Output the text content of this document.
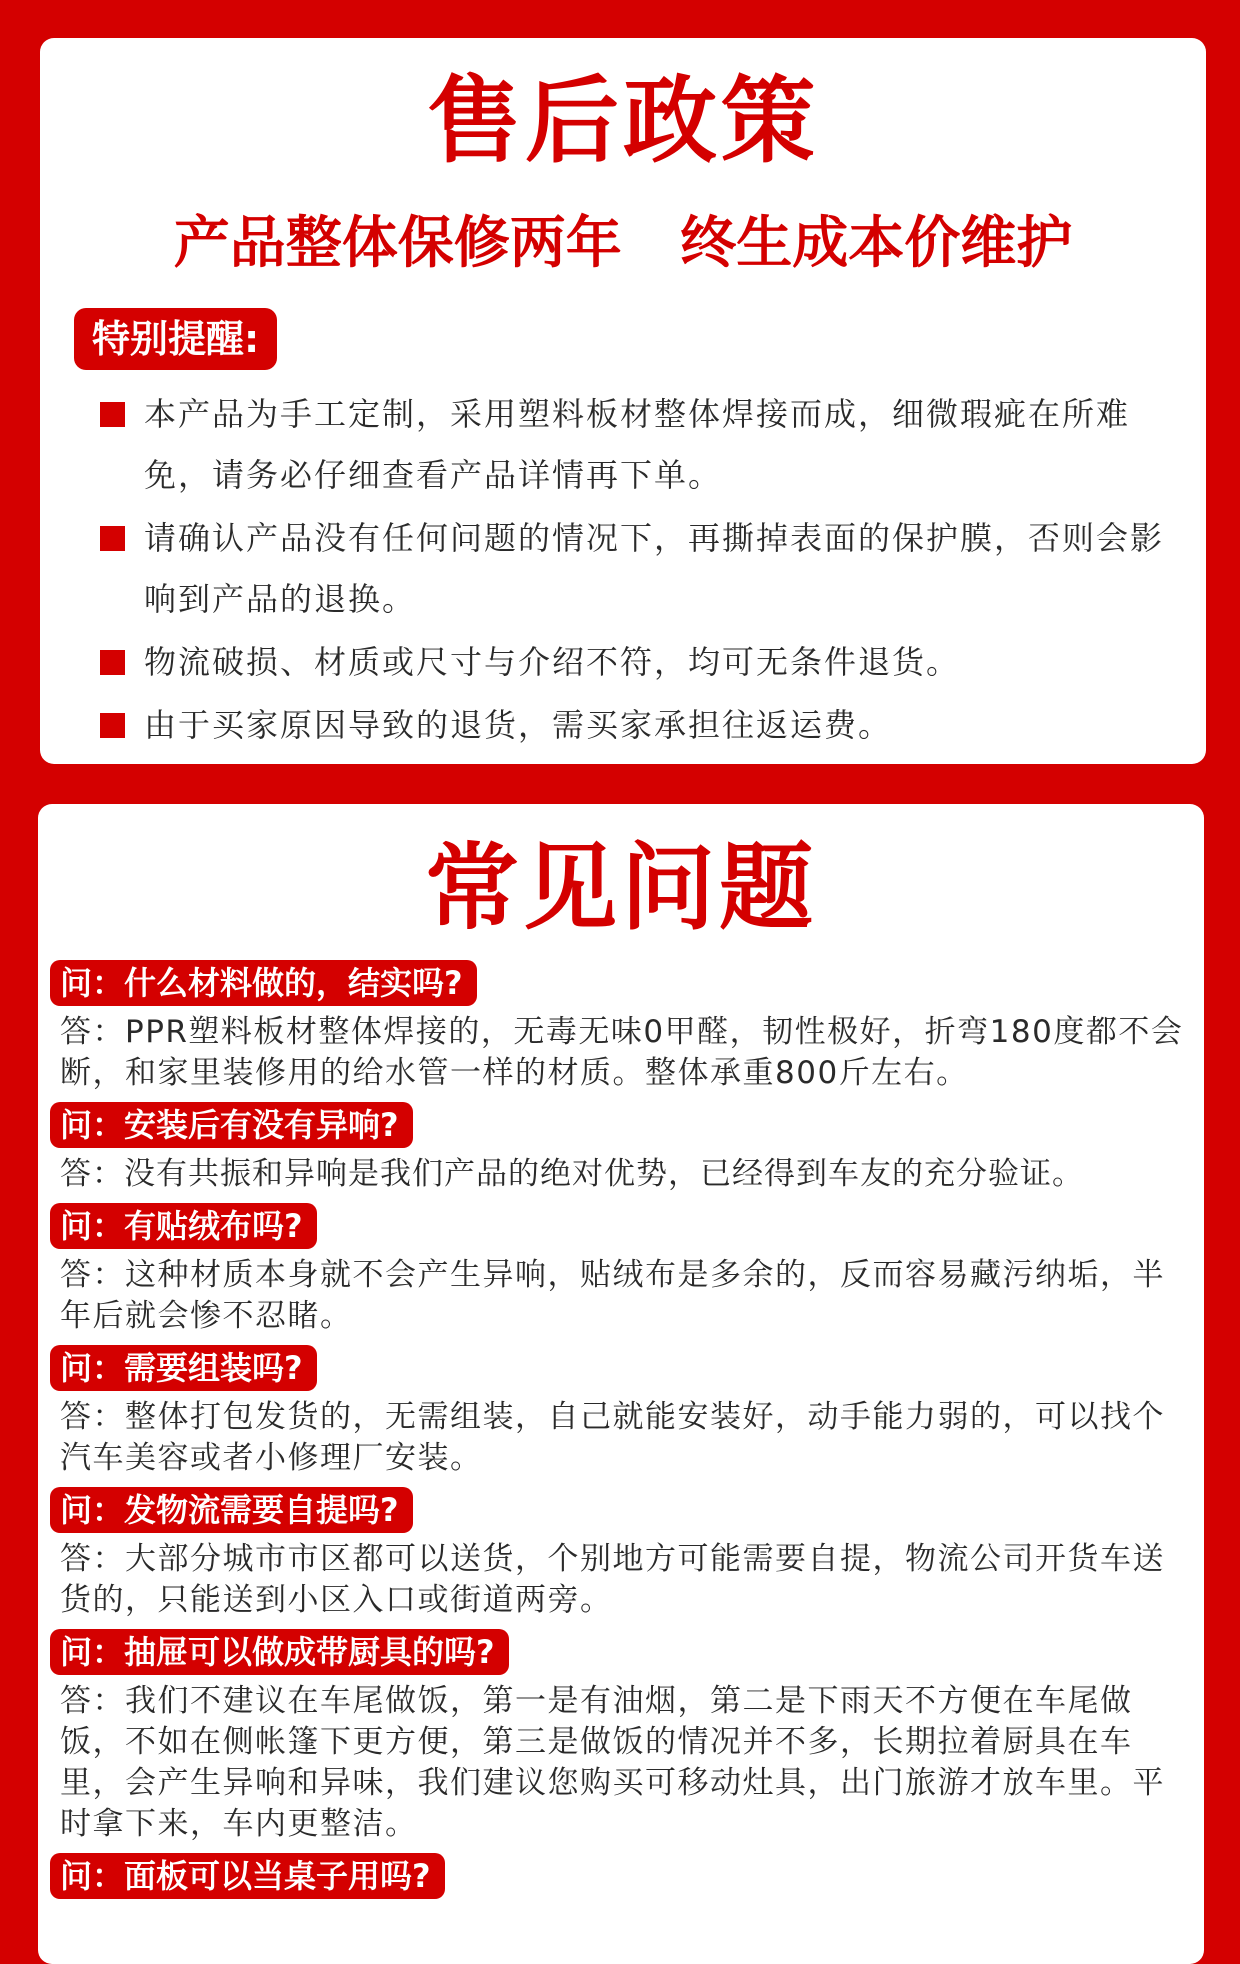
售后政策
产品整体保修两年   终生成本价维护
特别提醒:
本产品为手工定制，采用塑料板材整体焊接而成，细微瑕疵在所难免，请务必仔细查看产品详情再下单。
请确认产品没有任何问题的情况下，再撕掉表面的保护膜，否则会影响到产品的退换。
物流破损、材质或尺寸与介绍不符，均可无条件退货。
由于买家原因导致的退货，需买家承担往返运费。
常见问题
问：什么材料做的，结实吗?
答：PPR塑料板材整体焊接的，无毒无味0甲醛，韧性极好，折弯180度都不会断，和家里装修用的给水管一样的材质。整体承重800斤左右。
问：安装后有没有异响?
答：没有共振和异响是我们产品的绝对优势，已经得到车友的充分验证。
问：有贴绒布吗?
答：这种材质本身就不会产生异响，贴绒布是多余的，反而容易藏污纳垢，半年后就会惨不忍睹。
问：需要组装吗?
答：整体打包发货的，无需组装，自己就能安装好，动手能力弱的，可以找个汽车美容或者小修理厂安装。
问：发物流需要自提吗?
答：大部分城市市区都可以送货，个别地方可能需要自提，物流公司开货车送货的，只能送到小区入口或街道两旁。
问：抽屉可以做成带厨具的吗?
答：我们不建议在车尾做饭，第一是有油烟，第二是下雨天不方便在车尾做饭，不如在侧帐篷下更方便，第三是做饭的情况并不多，长期拉着厨具在车里，会产生异响和异味，我们建议您购买可移动灶具，出门旅游才放车里。平时拿下来，车内更整洁。
问：面板可以当桌子用吗?
